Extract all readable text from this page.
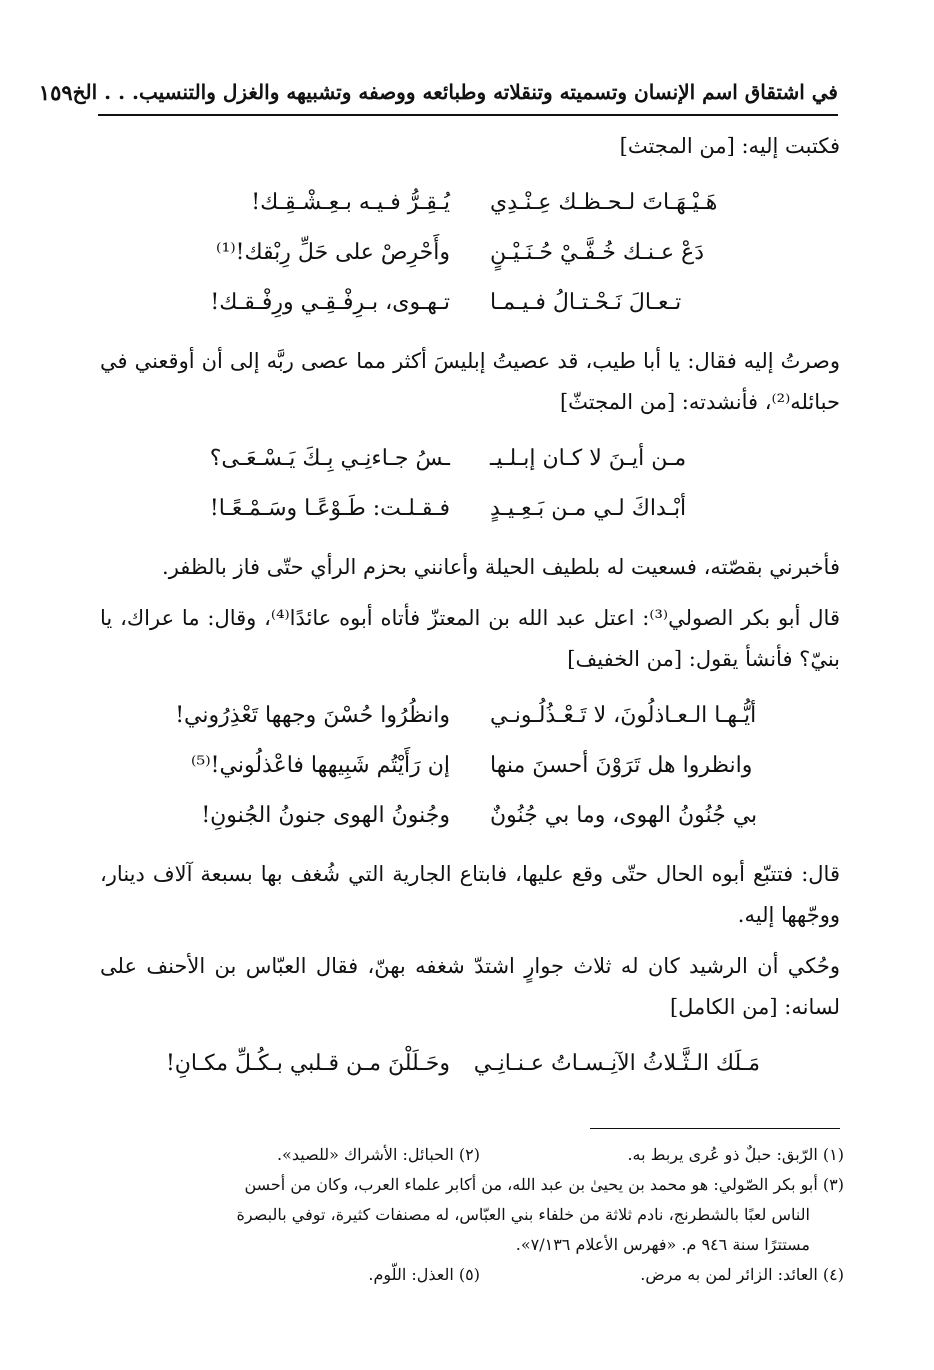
في اشتقاق اسم الإنسان وتسميته وتنقلاته وطبائعه ووصفه وتشبيهه والغزل والتنسيب. . . الخ
١٥٩

فكتبت إليه: [من المجتث]

هَـيْـهَـاتَ لـحـظـك عِـنْـدِي
يُـقِـرُّ فـيـه بـعِـشْـقِـك!
دَعْ عـنـك خُـفَّـيْ حُـنَـيْـنٍ
وأَحْرِصْ على حَلِّ رِبْقك!⁽¹⁾
تـعـالَ نَـحْـتـالُ فـيـمـا
تـهـوى، بـرِفْـقِـي ورِفْـقـك!

وصرتُ إليه فقال: يا أبا طيب، قد عصيتُ إبليسَ أكثر مما عصى ربَّه إلى أن أوقعني في حبائله⁽²⁾، فأنشدته: [من المجتثّ]

مـن أيـنَ لا كـان إبـلـيـ
ـسُ جـاءنِـي بِـكَ يَـسْـعَـى؟
أبْـداكَ لـي مـن بَـعِـيـدٍ
فـقـلـت: طَـوْعًـا وسَـمْـعًـا!

فأخبرني بقصّته، فسعيت له بلطيف الحيلة وأعانني بحزم الرأي حتّى فاز بالظفر.

قال أبو بكر الصولي⁽³⁾: اعتل عبد الله بن المعتزّ فأتاه أبوه عائدًا⁽⁴⁾، وقال: ما عراك، يا بنيّ؟ فأنشأ يقول: [من الخفيف]

أيُّـهـا الـعـاذلُونَ، لا تَـعْـذُلُـونـي
وانظُرُوا حُسْنَ وجهها تَعْذِرُوني!
وانظروا هل تَرَوْنَ أحسنَ منها
إن رَأَيْتُم شَبِيهها فاعْذلُوني!⁽⁵⁾
بي جُنُونُ الهوى، وما بي جُنُونٌ
وجُنونُ الهوى جنونُ الجُنونِ!

قال: فتتبّع أبوه الحال حتّى وقع عليها، فابتاع الجارية التي شُغف بها بسبعة آلاف دينار، ووجّهها إليه.

وحُكي أن الرشيد كان له ثلاث جوارٍ اشتدّ شغفه بهنّ، فقال العبّاس بن الأحنف على لسانه: [من الكامل]

مَـلَك الـثَّـلاثُ الآنِـسـاتُ عـنـانِـي
وحَـلَلْنَ مـن قـلبي بـكُـلِّ مكـانِ!
(١) الرّبق: حبلٌ ذو عُرى يربط به.
(٢) الحبائل: الأشراك «للصيد».
(٣) أبو بكر الصّولي: هو محمد بن يحيىٰ بن عبد الله، من أكابر علماء العرب، وكان من أحسن
الناس لعبًا بالشطرنج، نادم ثلاثة من خلفاء بني العبّاس، له مصنفات كثيرة، توفي بالبصرة
مستترًا سنة ٩٤٦ م. «فهرس الأعلام ٧/١٣٦».
(٤) العائد: الزائر لمن به مرض.
(٥) العذل: اللّوم.
